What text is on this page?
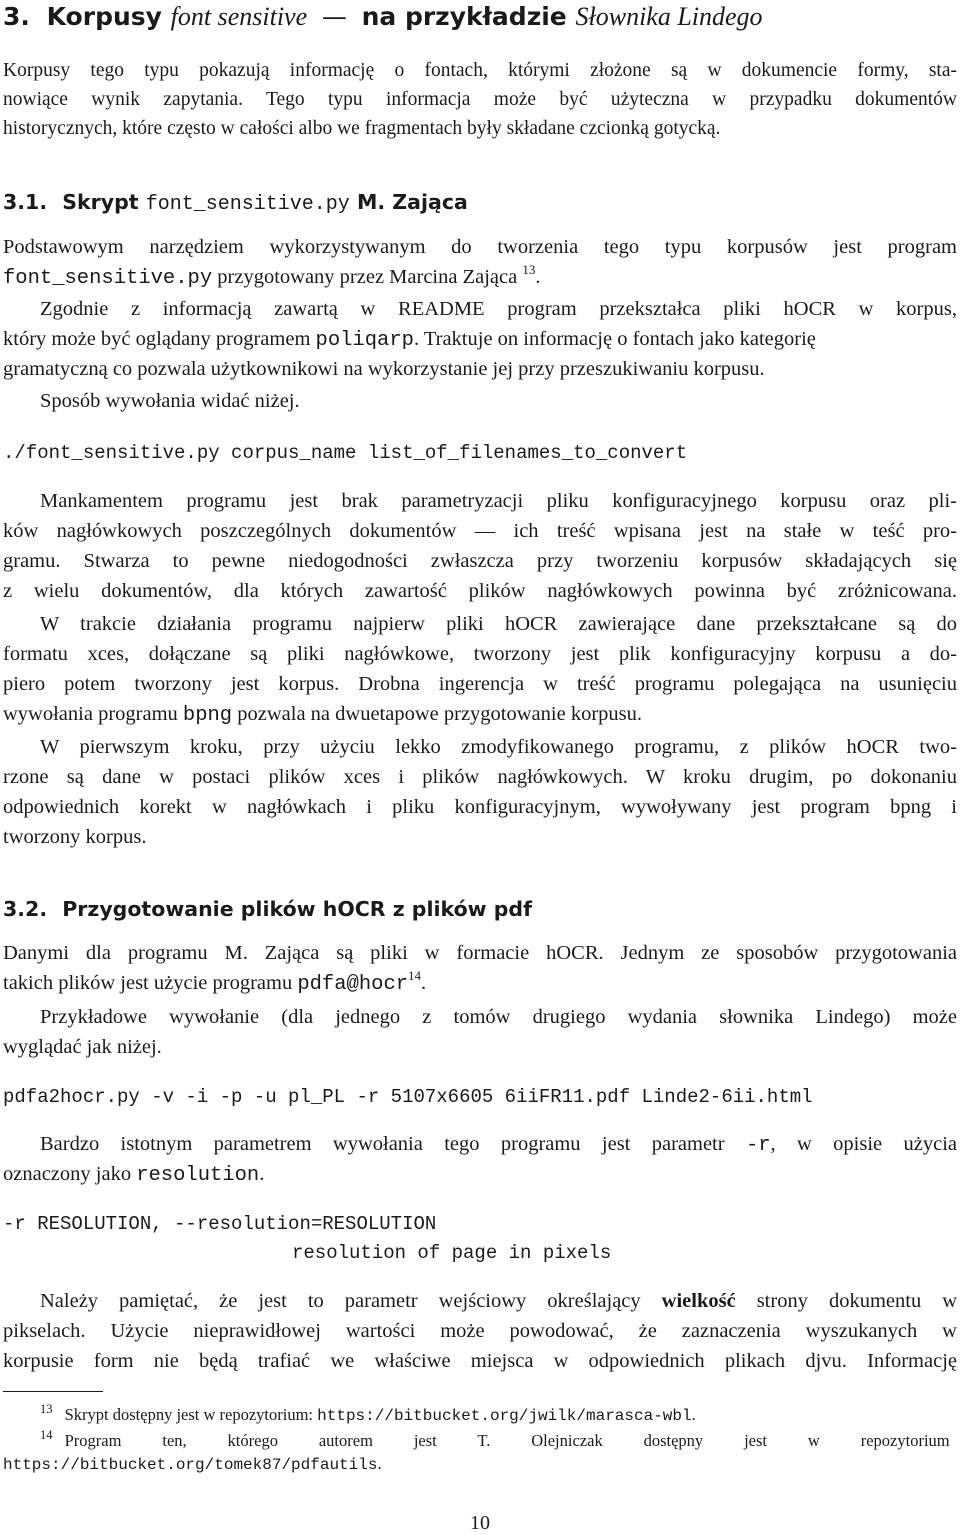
3. Korpusy font sensitive — na przykładzie Słownika Lindego
Korpusy tego typu pokazują informację o fontach, którymi złożone są w dokumencie formy, sta-
nowiące wynik zapytania. Tego typu informacja może być użyteczna w przypadku dokumentów
historycznych, które często w całości albo we fragmentach były składane czcionką gotycką.
3.1. Skrypt font_sensitive.py M. Zająca
Podstawowym narzędziem wykorzystywanym do tworzenia tego typu korpusów jest program
font_sensitive.py przygotowany przez Marcina Zająca $^{13}$.
Zgodnie z informacją zawartą w README program przekształca pliki hOCR w korpus,
który może być oglądany programem poliqarp. Traktuje on informację o fontach jako kategorię
gramatyczną co pozwala użytkownikowi na wykorzystanie jej przy przeszukiwaniu korpusu.
Sposób wywołania widać niżej.
./font_sensitive.py corpus_name list_of_filenames_to_convert
Mankamentem programu jest brak parametryzacji pliku konfiguracyjnego korpusu oraz pli-
ków nagłówkowych poszczególnych dokumentów — ich treść wpisana jest na stałe w teść pro-
gramu. Stwarza to pewne niedogodności zwłaszcza przy tworzeniu korpusów składających się
z wielu dokumentów, dla których zawartość plików nagłówkowych powinna być zróżnicowana.
W trakcie działania programu najpierw pliki hOCR zawierające dane przekształcane są do
formatu xces, dołączane są pliki nagłówkowe, tworzony jest plik konfiguracyjny korpusu a do-
piero potem tworzony jest korpus. Drobna ingerencja w treść programu polegająca na usunięciu
wywołania programu bpng pozwala na dwuetapowe przygotowanie korpusu.
W pierwszym kroku, przy użyciu lekko zmodyfikowanego programu, z plików hOCR two-
rzone są dane w postaci plików xces i plików nagłówkowych. W kroku drugim, po dokonaniu
odpowiednich korekt w nagłówkach i pliku konfiguracyjnym, wywoływany jest program bpng i
tworzony korpus.
3.2. Przygotowanie plików hOCR z plików pdf
Danymi dla programu M. Zająca są pliki w formacie hOCR. Jednym ze sposobów przygotowania
takich plików jest użycie programu pdfa@hocr$^{14}$.
Przykładowe wywołanie (dla jednego z tomów drugiego wydania słownika Lindego) może
wyglądać jak niżej.
pdfa2hocr.py -v -i -p -u pl_PL -r 5107x6605 6iiFR11.pdf Linde2-6ii.html
Bardzo istotnym parametrem wywołania tego programu jest parametr -r, w opisie użycia
oznaczony jako resolution.
-r RESOLUTION, --resolution=RESOLUTION
resolution of page in pixels
Należy pamiętać, że jest to parametr wejściowy określający wielkość strony dokumentu w
pikselach. Użycie nieprawidłowej wartości może powodować, że zaznaczenia wyszukanych w
korpusie form nie będą trafiać we właściwe miejsca w odpowiednich plikach djvu. Informację
$^{13}$ Skrypt dostępny jest w repozytorium: https://bitbucket.org/jwilk/marasca-wbl.
$^{14}$ Program ten, którego autorem jest T. Olejniczak dostępny jest w repozytorium
https://bitbucket.org/tomek87/pdfautils.
10
